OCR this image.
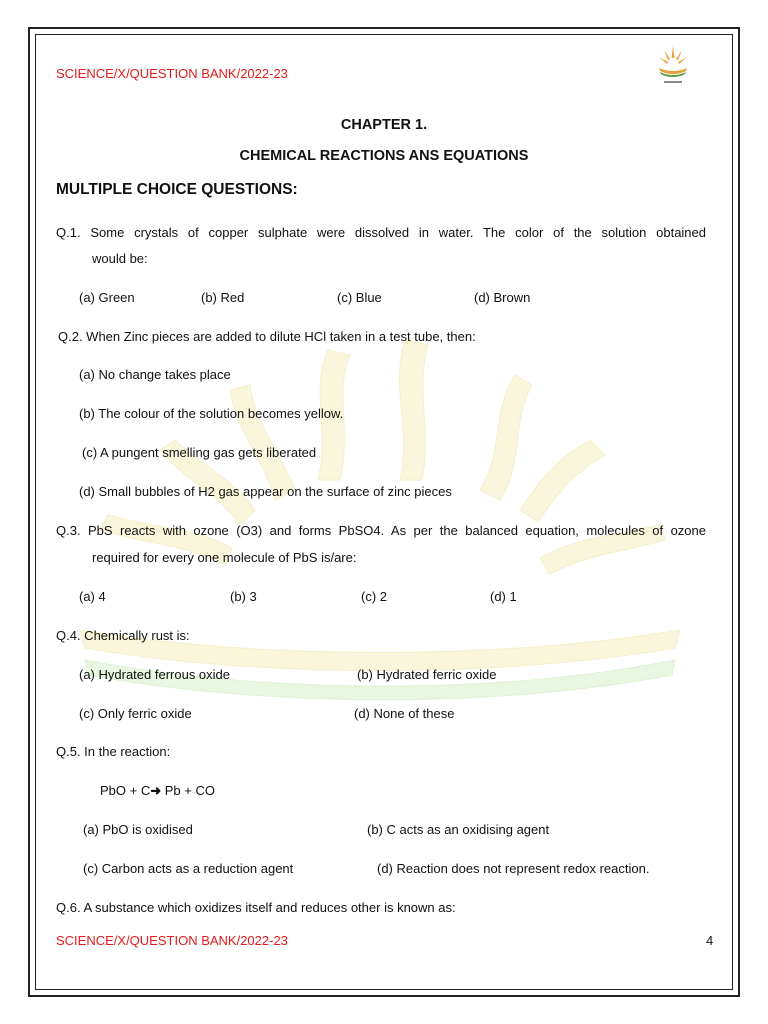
SCIENCE/X/QUESTION BANK/2022-23
CHAPTER 1.
CHEMICAL REACTIONS ANS EQUATIONS
MULTIPLE CHOICE QUESTIONS:
Q.1. Some crystals of copper sulphate were dissolved in water. The color of the solution obtained
would be:
(a) Green	(b) Red	(c) Blue	(d) Brown
Q.2. When Zinc pieces are added to dilute HCl taken in a test tube, then:
(a) No change takes place
(b) The colour of the solution becomes yellow.
(c) A pungent smelling gas gets liberated
(d) Small bubbles of H2 gas appear on the surface of zinc pieces
Q.3. PbS reacts with ozone (O3) and forms PbSO4. As per the balanced equation, molecules of ozone
required for every one molecule of PbS is/are:
(a) 4	(b) 3	(c) 2	(d) 1
Q.4. Chemically rust is:
(a) Hydrated ferrous oxide	(b) Hydrated ferric oxide
(c) Only ferric oxide	(d) None of these
Q.5. In the reaction:
PbO + C➜ Pb + CO
(a) PbO is oxidised	(b) C acts as an oxidising agent
(c) Carbon acts as a reduction agent	(d) Reaction does not represent redox reaction.
Q.6. A substance which oxidizes itself and reduces other is known as:
SCIENCE/X/QUESTION BANK/2022-23	4
